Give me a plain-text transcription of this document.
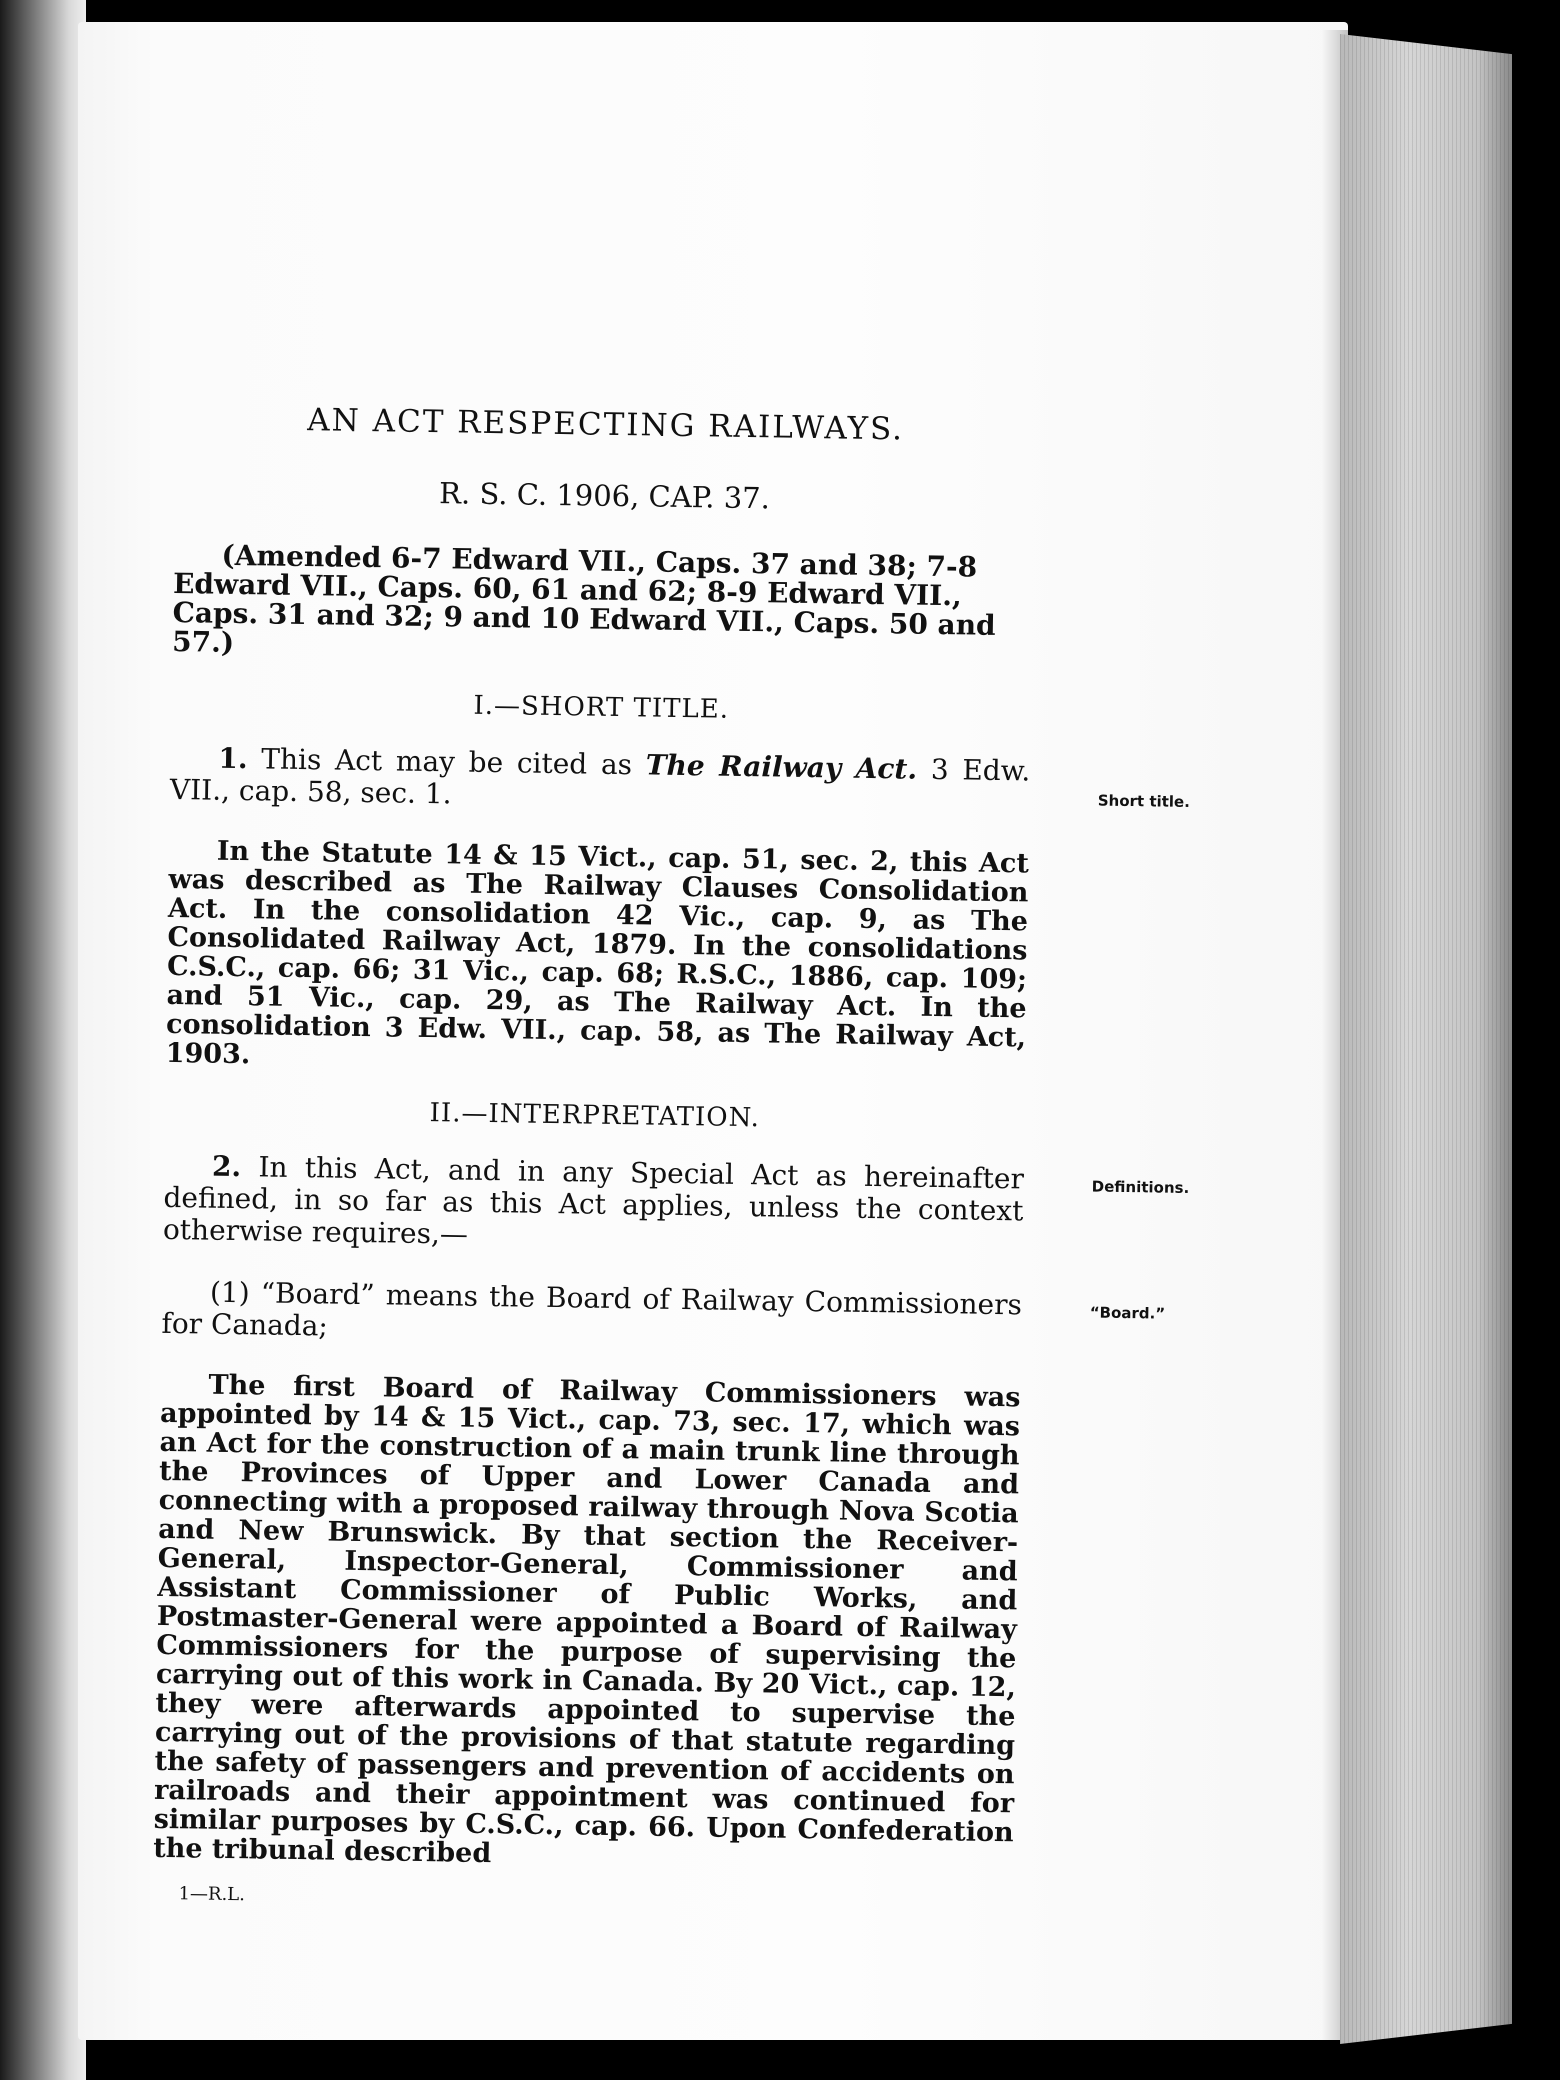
AN ACT RESPECTING RAILWAYS.
R. S. C. 1906, CAP. 37.
(Amended 6-7 Edward VII., Caps. 37 and 38; 7-8 Edward VII., Caps. 60, 61 and 62; 8-9 Edward VII., Caps. 31 and 32; 9 and 10 Edward VII., Caps. 50 and 57.)
I.—SHORT TITLE.
1. This Act may be cited as The Railway Act. 3 Edw. VII., cap. 58, sec. 1.	Short title.
In the Statute 14 & 15 Vict., cap. 51, sec. 2, this Act was described as The Railway Clauses Consolidation Act. In the consolidation 42 Vic., cap. 9, as The Consolidated Railway Act, 1879. In the consolidations C.S.C., cap. 66; 31 Vic., cap. 68; R.S.C., 1886, cap. 109; and 51 Vic., cap. 29, as The Railway Act. In the consolidation 3 Edw. VII., cap. 58, as The Railway Act, 1903.
II.—INTERPRETATION.
2. In this Act, and in any Special Act as hereinafter defined, in so far as this Act applies, unless the context otherwise requires,—
Definitions.
(1) “Board” means the Board of Railway Commissioners for Canada;	“Board.”
The first Board of Railway Commissioners was appointed by 14 & 15 Vict., cap. 73, sec. 17, which was an Act for the construction of a main trunk line through the Provinces of Upper and Lower Canada and connecting with a proposed railway through Nova Scotia and New Brunswick. By that section the Receiver-General, Inspector-General, Commissioner and Assistant Commissioner of Public Works, and Postmaster-General were appointed a Board of Railway Commissioners for the purpose of supervising the carrying out of this work in Canada. By 20 Vict., cap. 12, they were afterwards appointed to supervise the carrying out of the provisions of that statute regarding the safety of passengers and prevention of accidents on railroads and their appointment was continued for similar purposes by C.S.C., cap. 66. Upon Confederation the tribunal described
1—R.L.
